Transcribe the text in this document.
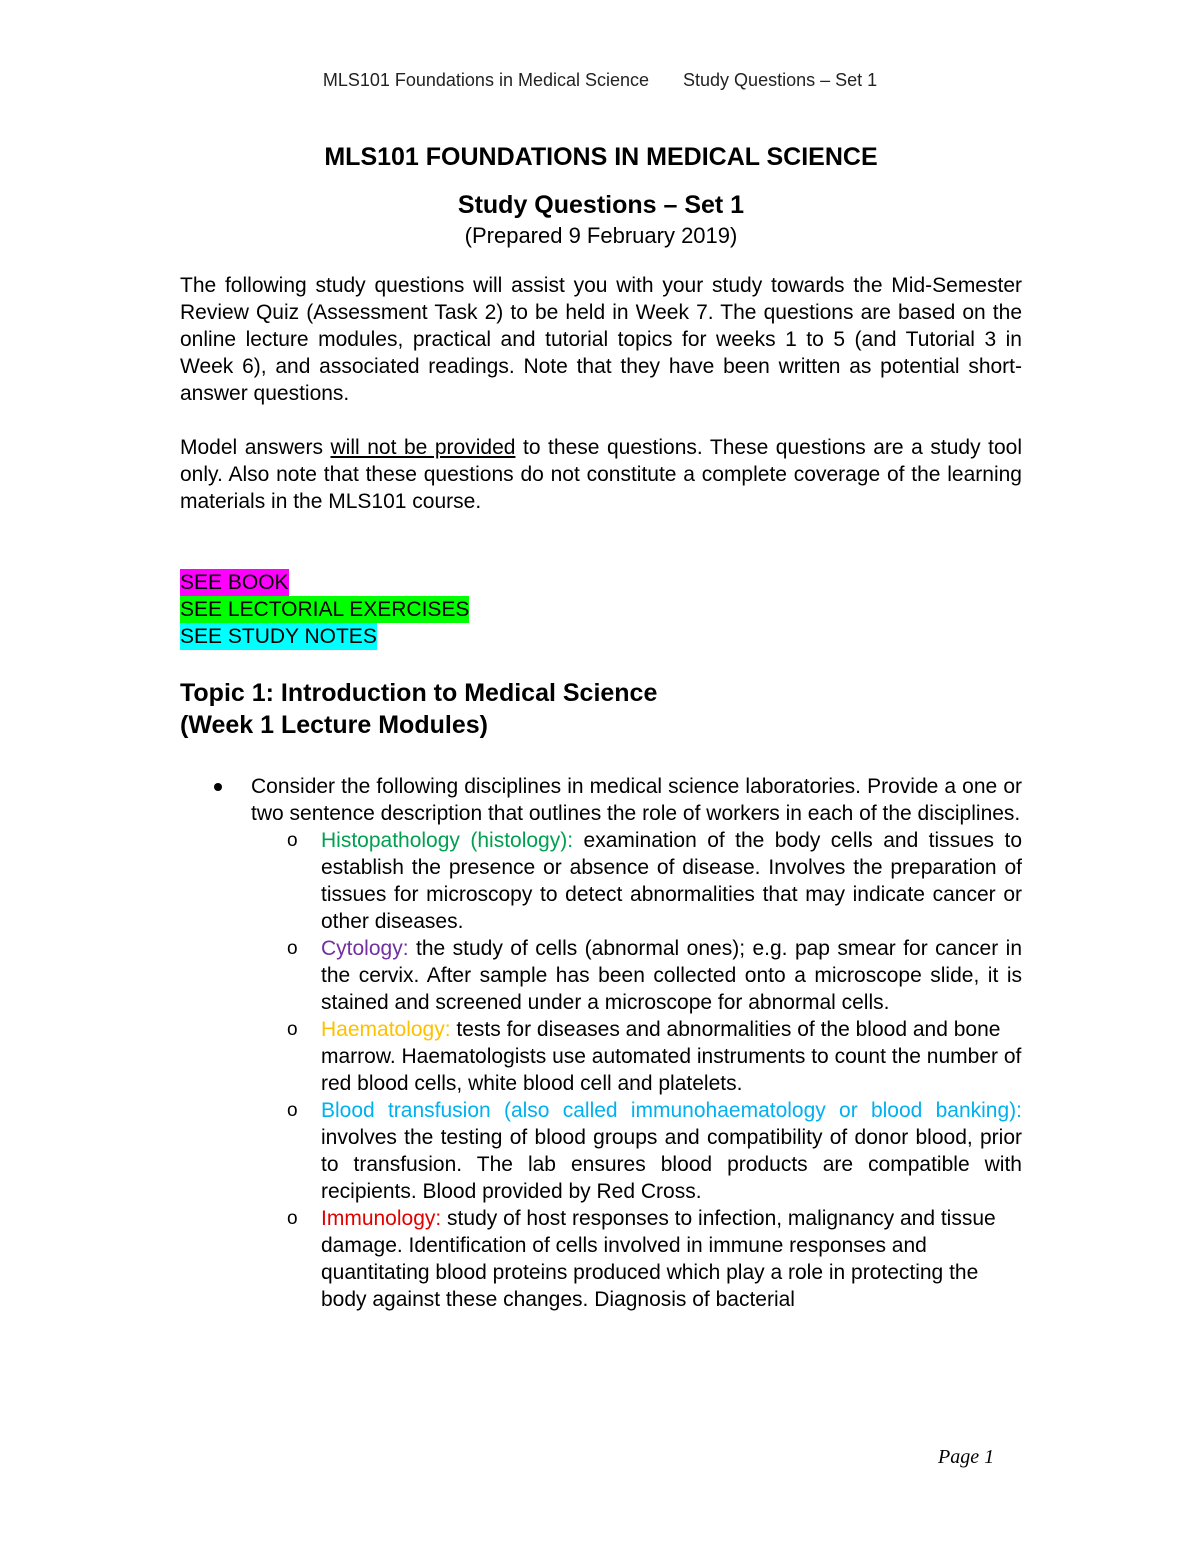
MLS101 Foundations in Medical Science Study Questions – Set 1
MLS101 FOUNDATIONS IN MEDICAL SCIENCE
Study Questions – Set 1

(Prepared 9 February 2019)

The following study questions will assist you with your study towards the Mid-Semester Review Quiz (Assessment Task 2) to be held in Week 7. The questions are based on the online lecture modules, practical and tutorial topics for weeks 1 to 5 (and Tutorial 3 in Week 6), and associated readings. Note that they have been written as potential short-answer questions.

Model answers will not be provided to these questions. These questions are a study tool only. Also note that these questions do not constitute a complete coverage of the learning materials in the MLS101 course.

SEE BOOK
SEE LECTORIAL EXERCISES
SEE STUDY NOTES
Topic 1: Introduction to Medical Science
(Week 1 Lecture Modules)
Consider the following disciplines in medical science laboratories. Provide a one or two sentence description that outlines the role of workers in each of the disciplines.
o Histopathology (histology): examination of the body cells and tissues to establish the presence or absence of disease. Involves the preparation of tissues for microscopy to detect abnormalities that may indicate cancer or other diseases.
o Cytology: the study of cells (abnormal ones); e.g. pap smear for cancer in the cervix. After sample has been collected onto a microscope slide, it is stained and screened under a microscope for abnormal cells.
o Haematology: tests for diseases and abnormalities of the blood and bone marrow. Haematologists use automated instruments to count the number of red blood cells, white blood cell and platelets.
o Blood transfusion (also called immunohaematology or blood banking): involves the testing of blood groups and compatibility of donor blood, prior to transfusion. The lab ensures blood products are compatible with recipients. Blood provided by Red Cross.
o Immunology: study of host responses to infection, malignancy and tissue damage. Identification of cells involved in immune responses and quantitating blood proteins produced which play a role in protecting the body against these changes. Diagnosis of bacterial
Page 1
